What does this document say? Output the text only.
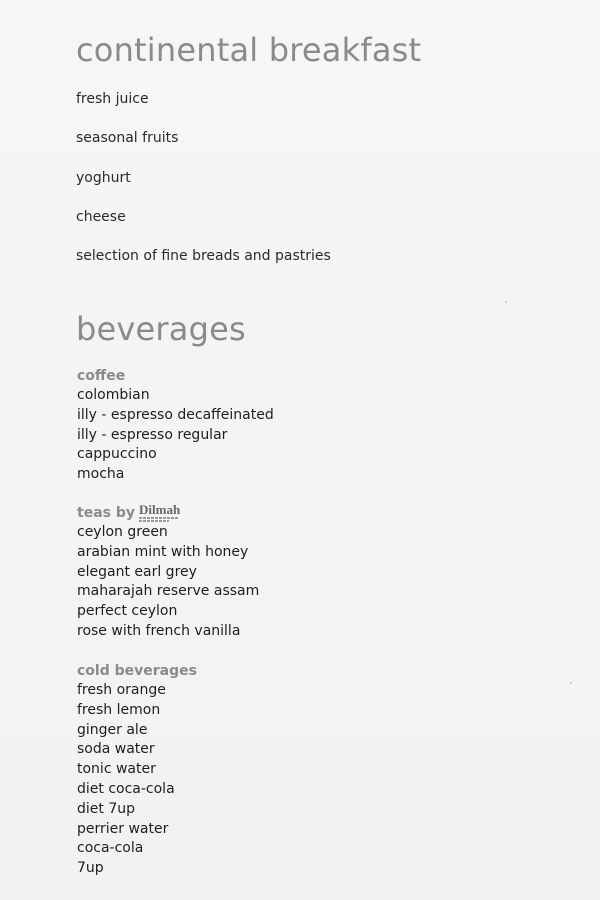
continental breakfast
fresh juice
seasonal fruits
yoghurt
cheese
selection of fine breads and pastries
beverages
coffee
colombian
illy - espresso decaffeinated
illy - espresso regular
cappuccino
mocha
teas by Dilmah
ceylon green
arabian mint with honey
elegant earl grey
maharajah reserve assam
perfect ceylon
rose with french vanilla
cold beverages
fresh orange
fresh lemon
ginger ale
soda water
tonic water
diet coca-cola
diet 7up
perrier water
coca-cola
7up
